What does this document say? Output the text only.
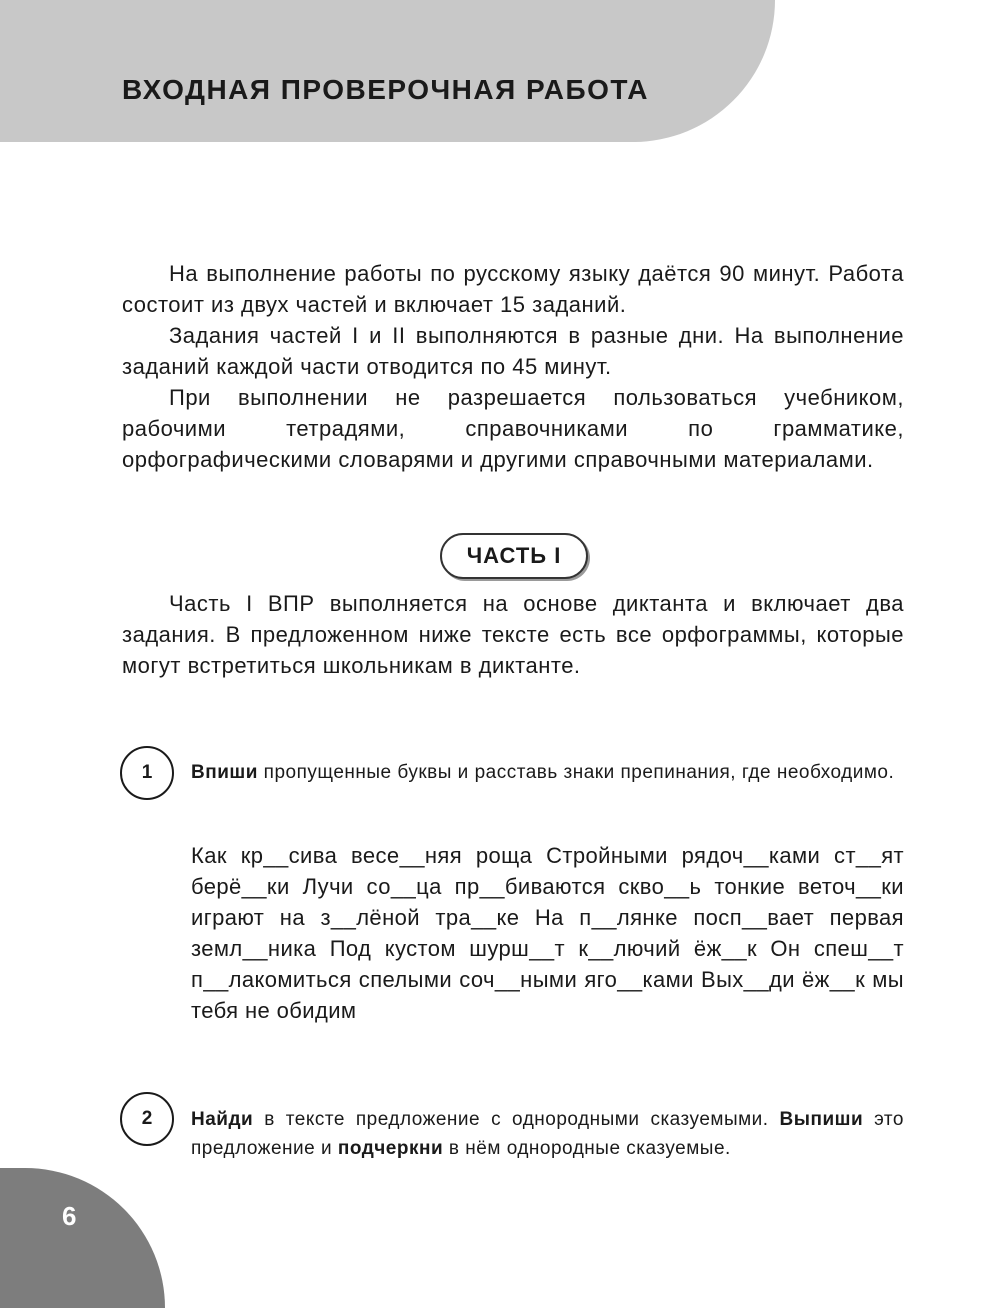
ВХОДНАЯ ПРОВЕРОЧНАЯ РАБОТА

На выполнение работы по русскому языку даётся 90 минут. Работа состоит из двух частей и включает 15 заданий.

Задания частей I и II выполняются в разные дни. На выполнение заданий каждой части отводится по 45 минут.

При выполнении не разрешается пользоваться учебником, рабочими тетрадями, справочниками по грамматике, орфографическими словарями и другими справочными материалами.

ЧАСТЬ I

Часть I ВПР выполняется на основе диктанта и включает два задания. В предложенном ниже тексте есть все орфограммы, которые могут встретиться школьникам в диктанте.

1	Впиши пропущенные буквы и расставь знаки препинания, где необходимо.

Как кр__сива весе__няя роща Стройными рядоч__ками ст__ят берё__ки Лучи со__ца пр__биваются скво__ь тонкие веточ__ки играют на з__лёной тра__ке На п__лянке посп__вает первая земл__ника Под кустом шурш__т к__лючий ёж__к Он спеш__т п__лакомиться спелыми соч__ными яго__ками Вых__ди ёж__к мы тебя не обидим

2	Найди в тексте предложение с однородными сказуемыми. Выпиши это предложение и подчеркни в нём однородные сказуемые.

6
